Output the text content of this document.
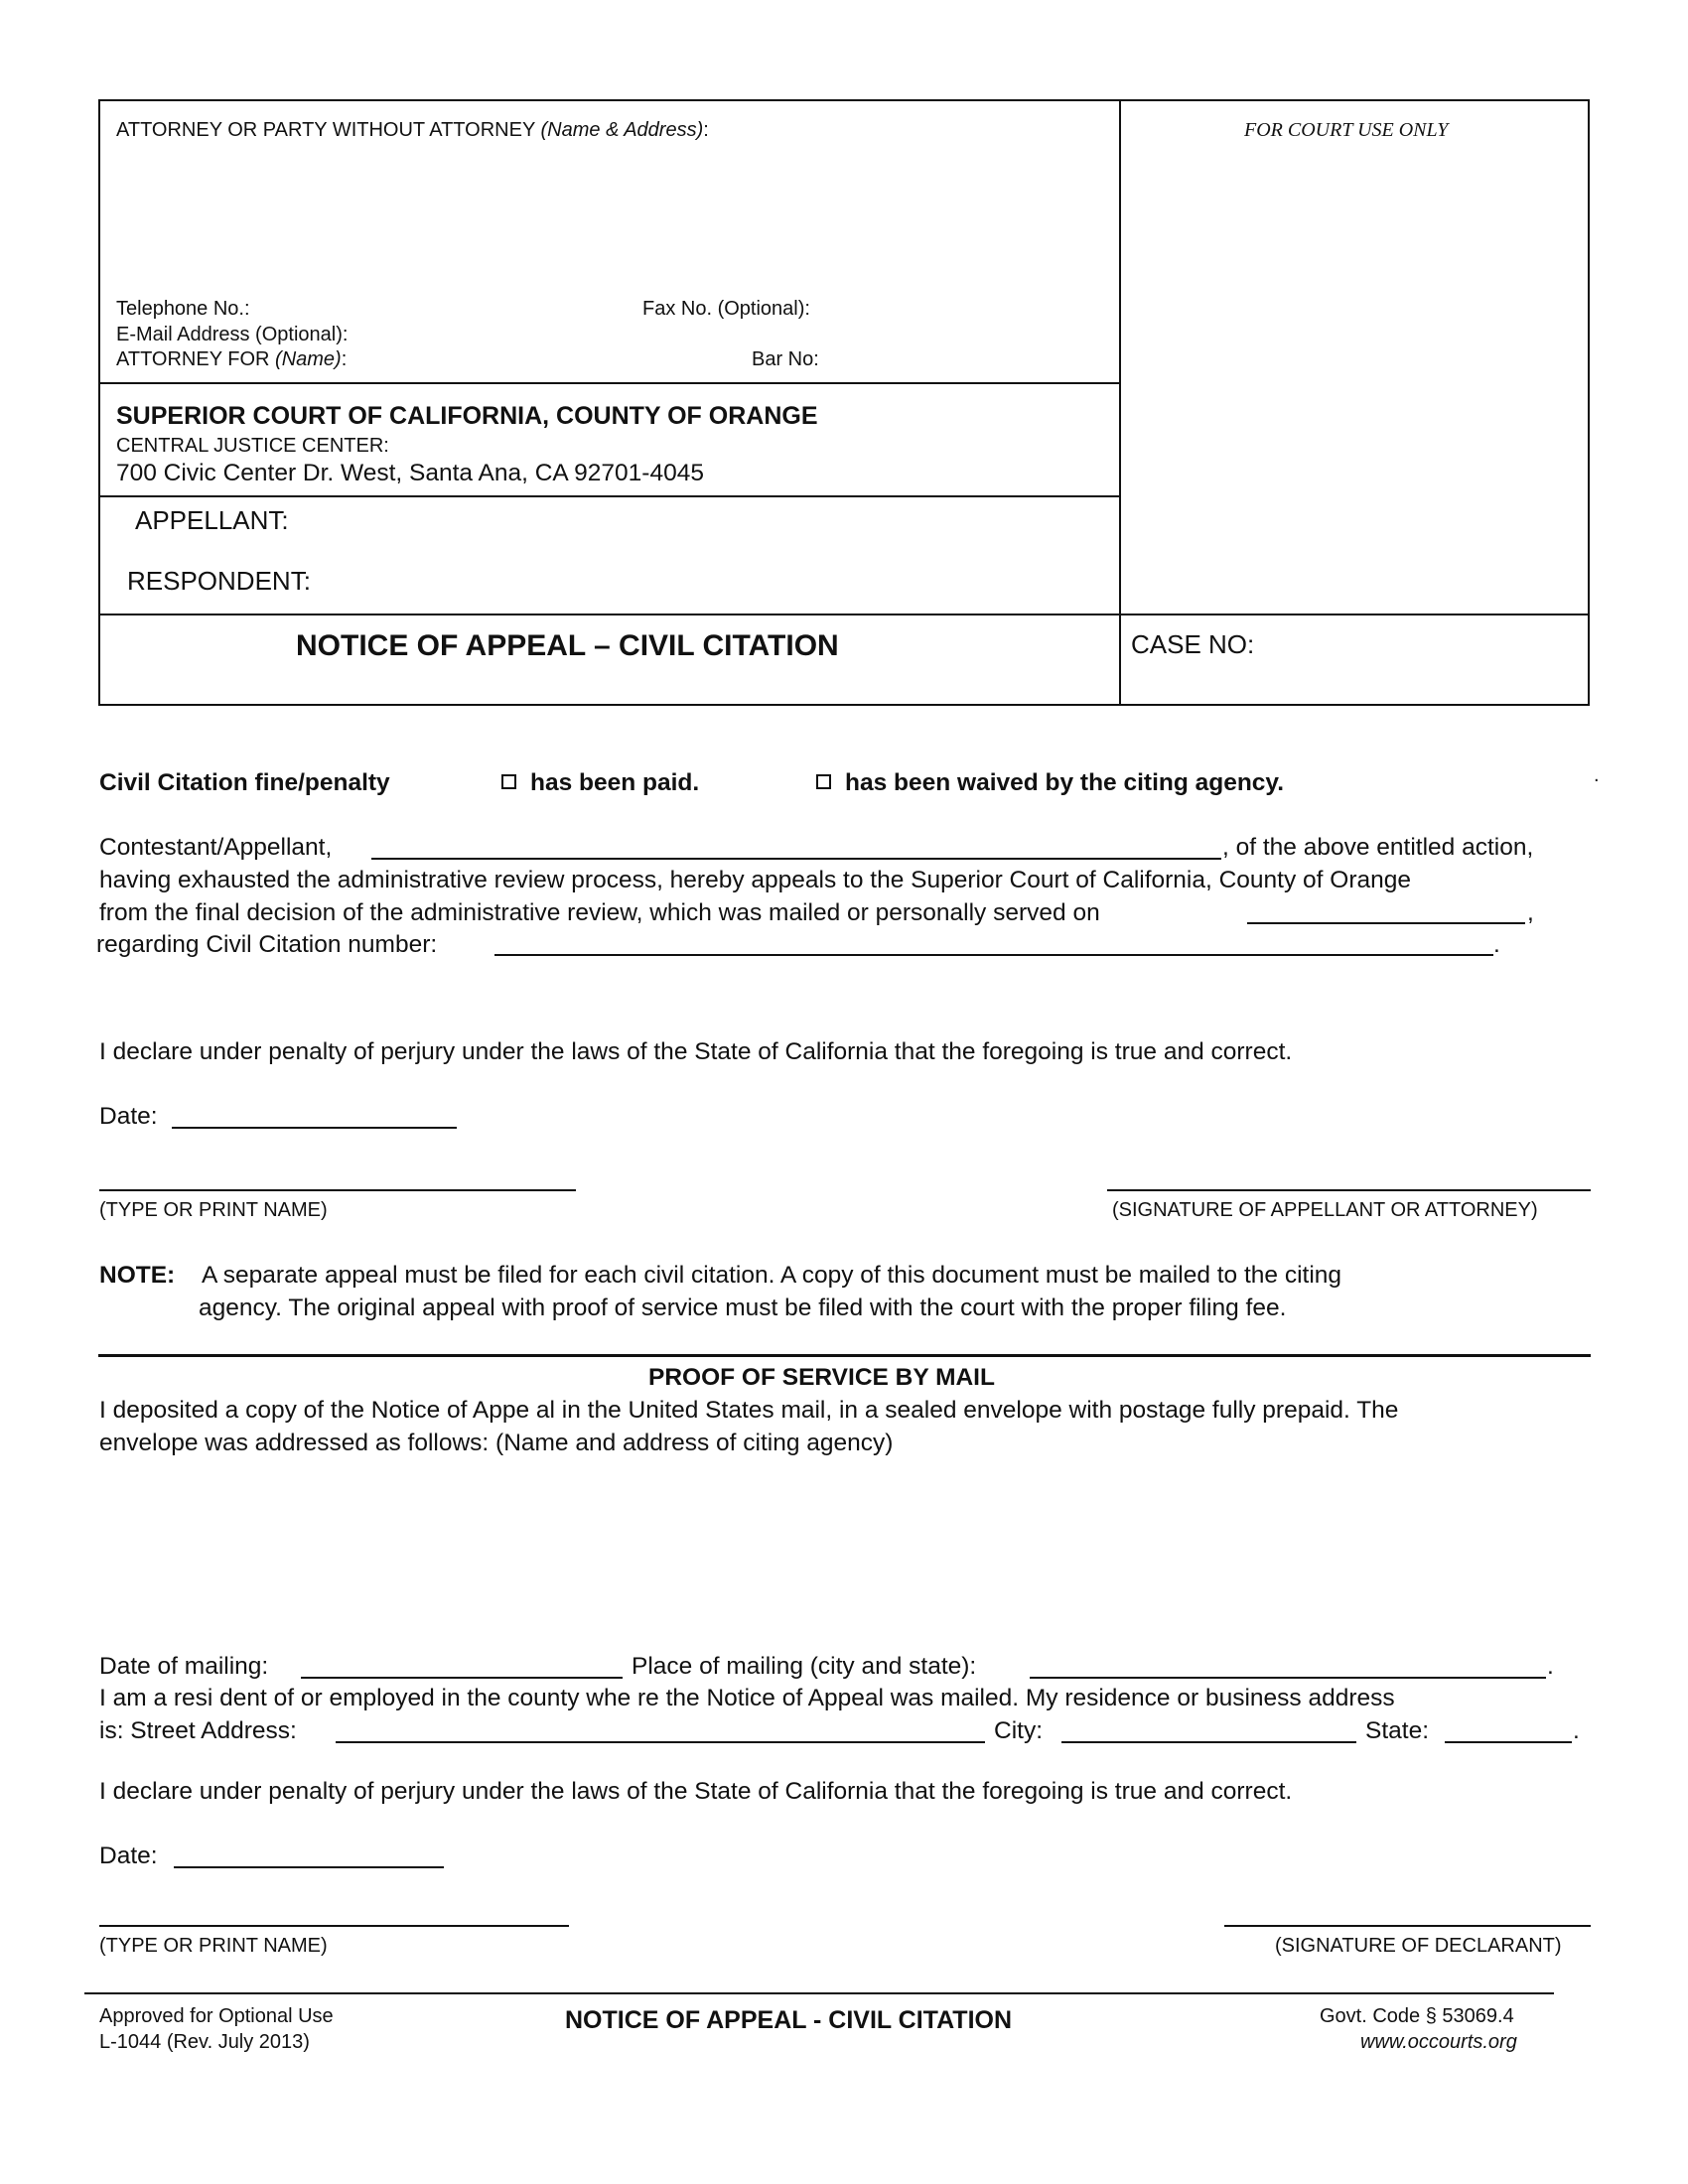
ATTORNEY OR PARTY WITHOUT ATTORNEY (Name & Address):	FOR COURT USE ONLY
Telephone No.:	Fax No. (Optional):
E-Mail Address (Optional):
ATTORNEY FOR (Name):	Bar No:
SUPERIOR COURT OF CALIFORNIA, COUNTY OF ORANGE
CENTRAL JUSTICE CENTER:
700 Civic Center Dr. West, Santa Ana, CA 92701-4045
APPELLANT:
RESPONDENT:
NOTICE OF APPEAL – CIVIL CITATION	CASE NO:
Civil Citation fine/penalty	has been paid.	has been waived by the citing agency.	.
Contestant/Appellant,	, of the above entitled action,
having exhausted the administrative review process, hereby appeals to the Superior Court of California, County of Orange
from the final decision of the administrative review, which was mailed or personally served on	,
regarding Civil Citation number:	.
I declare under penalty of perjury under the laws of the State of California that the foregoing is true and correct.
Date:
(TYPE OR PRINT NAME)	(SIGNATURE OF APPELLANT OR ATTORNEY)
NOTE: A separate appeal must be filed for each civil citation. A copy of this document must be mailed to the citing
agency. The original appeal with proof of service must be filed with the court with the proper filing fee.
PROOF OF SERVICE BY MAIL
I deposited a copy of the Notice of Appe al in the United States mail, in a sealed envelope with postage fully prepaid. The
envelope was addressed as follows: (Name and address of citing agency)
Date of mailing:	Place of mailing (city and state):	.
I am a resi dent of or employed in the county whe re the Notice of Appeal was mailed. My residence or business address
is: Street Address:	City:	State:	.
I declare under penalty of perjury under the laws of the State of California that the foregoing is true and correct.
Date:
(TYPE OR PRINT NAME)	(SIGNATURE OF DECLARANT)
Approved for Optional Use
L-1044 (Rev. July 2013)
NOTICE OF APPEAL - CIVIL CITATION	Govt. Code § 53069.4
www.occourts.org
